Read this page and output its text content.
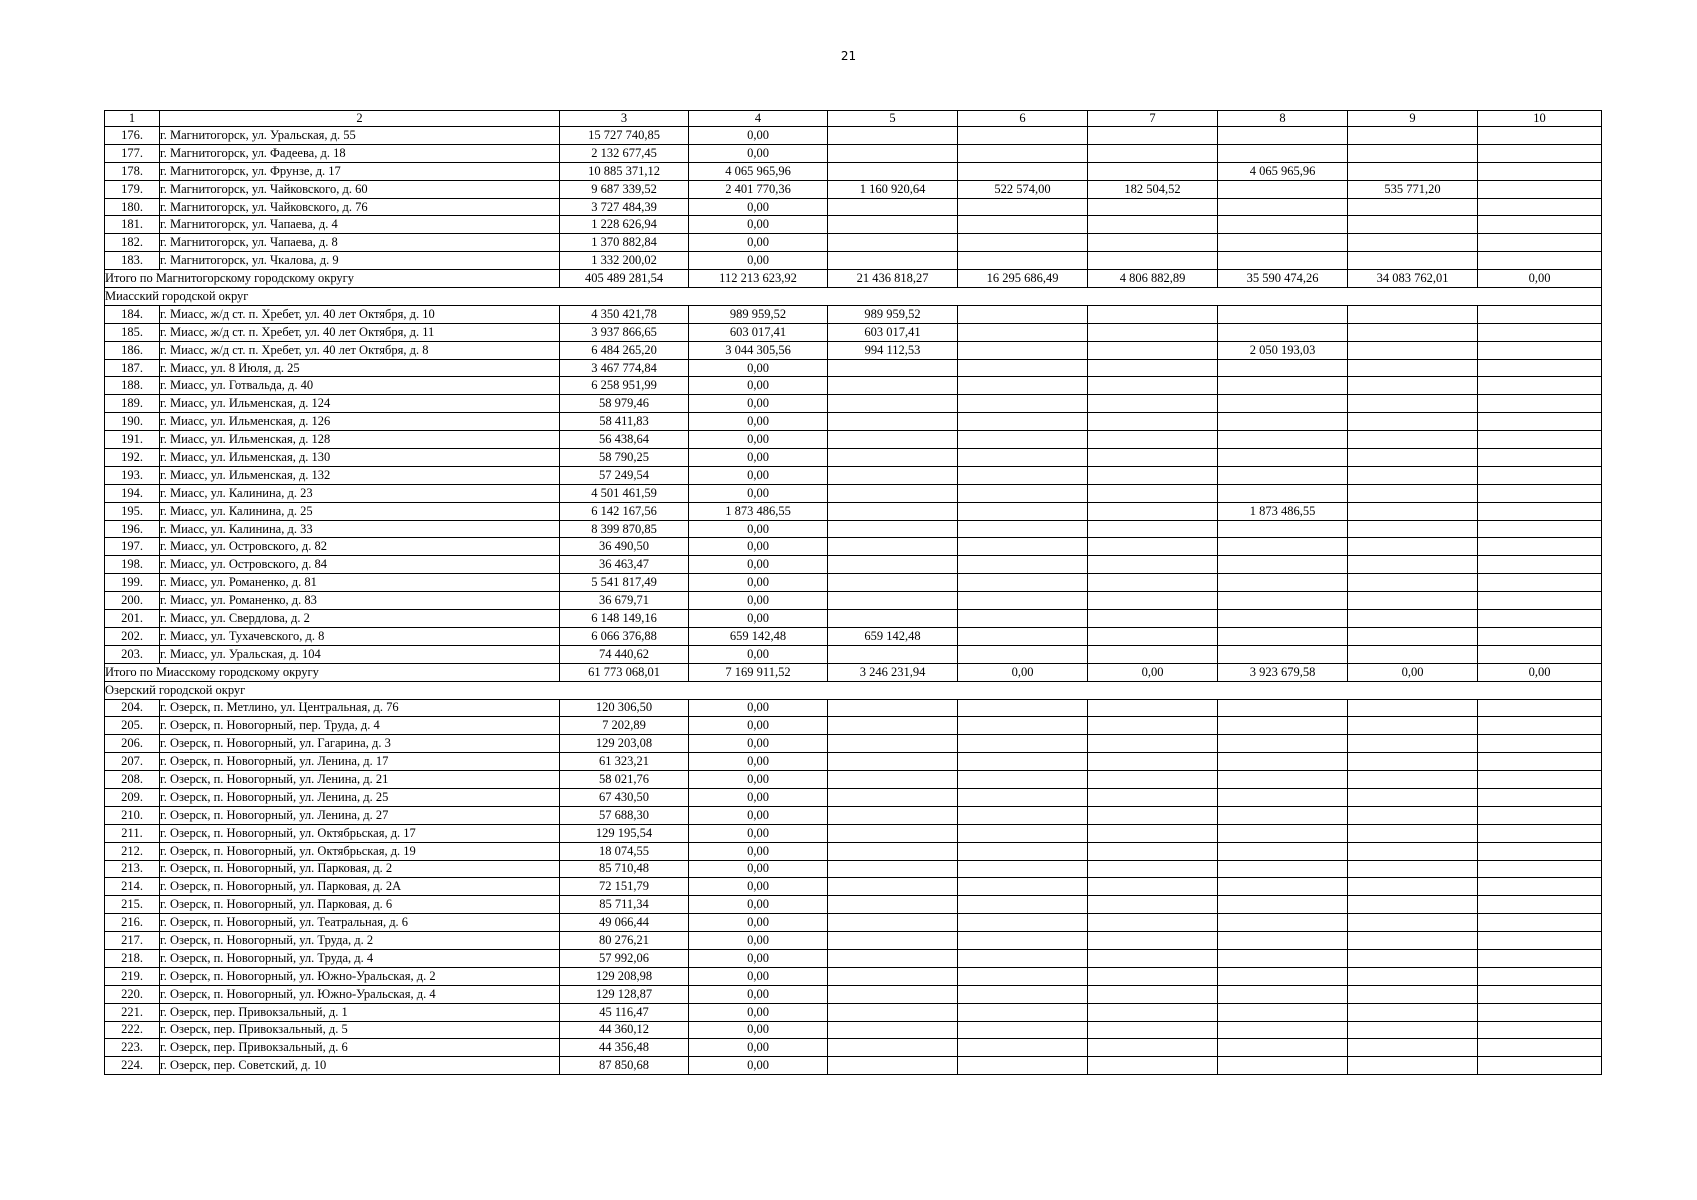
21
1	2	3	4	5	6	7	8	9	10
176.	г. Магнитогорск, ул. Уральская, д. 55	15 727 740,85	0,00						
177.	г. Магнитогорск, ул. Фадеева, д. 18	2 132 677,45	0,00						
178.	г. Магнитогорск, ул. Фрунзе, д. 17	10 885 371,12	4 065 965,96				4 065 965,96		
179.	г. Магнитогорск, ул. Чайковского, д. 60	9 687 339,52	2 401 770,36	1 160 920,64	522 574,00	182 504,52		535 771,20	
180.	г. Магнитогорск, ул. Чайковского, д. 76	3 727 484,39	0,00						
181.	г. Магнитогорск, ул. Чапаева, д. 4	1 228 626,94	0,00						
182.	г. Магнитогорск, ул. Чапаева, д. 8	1 370 882,84	0,00						
183.	г. Магнитогорск, ул. Чкалова, д. 9	1 332 200,02	0,00						
Итого по Магнитогорскому городскому округу		405 489 281,54	112 213 623,92	21 436 818,27	16 295 686,49	4 806 882,89	35 590 474,26	34 083 762,01	0,00
Миасский городской округ									
184.	г. Миасс, ж/д ст. п. Хребет, ул. 40 лет Октября, д. 10	4 350 421,78	989 959,52	989 959,52					
185.	г. Миасс, ж/д ст. п. Хребет, ул. 40 лет Октября, д. 11	3 937 866,65	603 017,41	603 017,41					
186.	г. Миасс, ж/д ст. п. Хребет, ул. 40 лет Октября, д. 8	6 484 265,20	3 044 305,56	994 112,53			2 050 193,03		
187.	г. Миасс, ул. 8 Июля, д. 25	3 467 774,84	0,00						
188.	г. Миасс, ул. Готвальда, д. 40	6 258 951,99	0,00						
189.	г. Миасс, ул. Ильменская, д. 124	58 979,46	0,00						
190.	г. Миасс, ул. Ильменская, д. 126	58 411,83	0,00						
191.	г. Миасс, ул. Ильменская, д. 128	56 438,64	0,00						
192.	г. Миасс, ул. Ильменская, д. 130	58 790,25	0,00						
193.	г. Миасс, ул. Ильменская, д. 132	57 249,54	0,00						
194.	г. Миасс, ул. Калинина, д. 23	4 501 461,59	0,00						
195.	г. Миасс, ул. Калинина, д. 25	6 142 167,56	1 873 486,55				1 873 486,55		
196.	г. Миасс, ул. Калинина, д. 33	8 399 870,85	0,00						
197.	г. Миасс, ул. Островского, д. 82	36 490,50	0,00						
198.	г. Миасс, ул. Островского, д. 84	36 463,47	0,00						
199.	г. Миасс, ул. Романенко, д. 81	5 541 817,49	0,00						
200.	г. Миасс, ул. Романенко, д. 83	36 679,71	0,00						
201.	г. Миасс, ул. Свердлова, д. 2	6 148 149,16	0,00						
202.	г. Миасс, ул. Тухачевского, д. 8	6 066 376,88	659 142,48	659 142,48					
203.	г. Миасс, ул. Уральская, д. 104	74 440,62	0,00						
Итого по Миасскому городскому округу		61 773 068,01	7 169 911,52	3 246 231,94	0,00	0,00	3 923 679,58	0,00	0,00
Озерский городской округ									
204.	г. Озерск, п. Метлино, ул. Центральная, д. 76	120 306,50	0,00						
205.	г. Озерск, п. Новогорный, пер. Труда, д. 4	7 202,89	0,00						
206.	г. Озерск, п. Новогорный, ул. Гагарина, д. 3	129 203,08	0,00						
207.	г. Озерск, п. Новогорный, ул. Ленина, д. 17	61 323,21	0,00						
208.	г. Озерск, п. Новогорный, ул. Ленина, д. 21	58 021,76	0,00						
209.	г. Озерск, п. Новогорный, ул. Ленина, д. 25	67 430,50	0,00						
210.	г. Озерск, п. Новогорный, ул. Ленина, д. 27	57 688,30	0,00						
211.	г. Озерск, п. Новогорный, ул. Октябрьская, д. 17	129 195,54	0,00						
212.	г. Озерск, п. Новогорный, ул. Октябрьская, д. 19	18 074,55	0,00						
213.	г. Озерск, п. Новогорный, ул. Парковая, д. 2	85 710,48	0,00						
214.	г. Озерск, п. Новогорный, ул. Парковая, д. 2А	72 151,79	0,00						
215.	г. Озерск, п. Новогорный, ул. Парковая, д. 6	85 711,34	0,00						
216.	г. Озерск, п. Новогорный, ул. Театральная, д. 6	49 066,44	0,00						
217.	г. Озерск, п. Новогорный, ул. Труда, д. 2	80 276,21	0,00						
218.	г. Озерск, п. Новогорный, ул. Труда, д. 4	57 992,06	0,00						
219.	г. Озерск, п. Новогорный, ул. Южно-Уральская, д. 2	129 208,98	0,00						
220.	г. Озерск, п. Новогорный, ул. Южно-Уральская, д. 4	129 128,87	0,00						
221.	г. Озерск, пер. Привокзальный, д. 1	45 116,47	0,00						
222.	г. Озерск, пер. Привокзальный, д. 5	44 360,12	0,00						
223.	г. Озерск, пер. Привокзальный, д. 6	44 356,48	0,00						
224.	г. Озерск, пер. Советский, д. 10	87 850,68	0,00						
